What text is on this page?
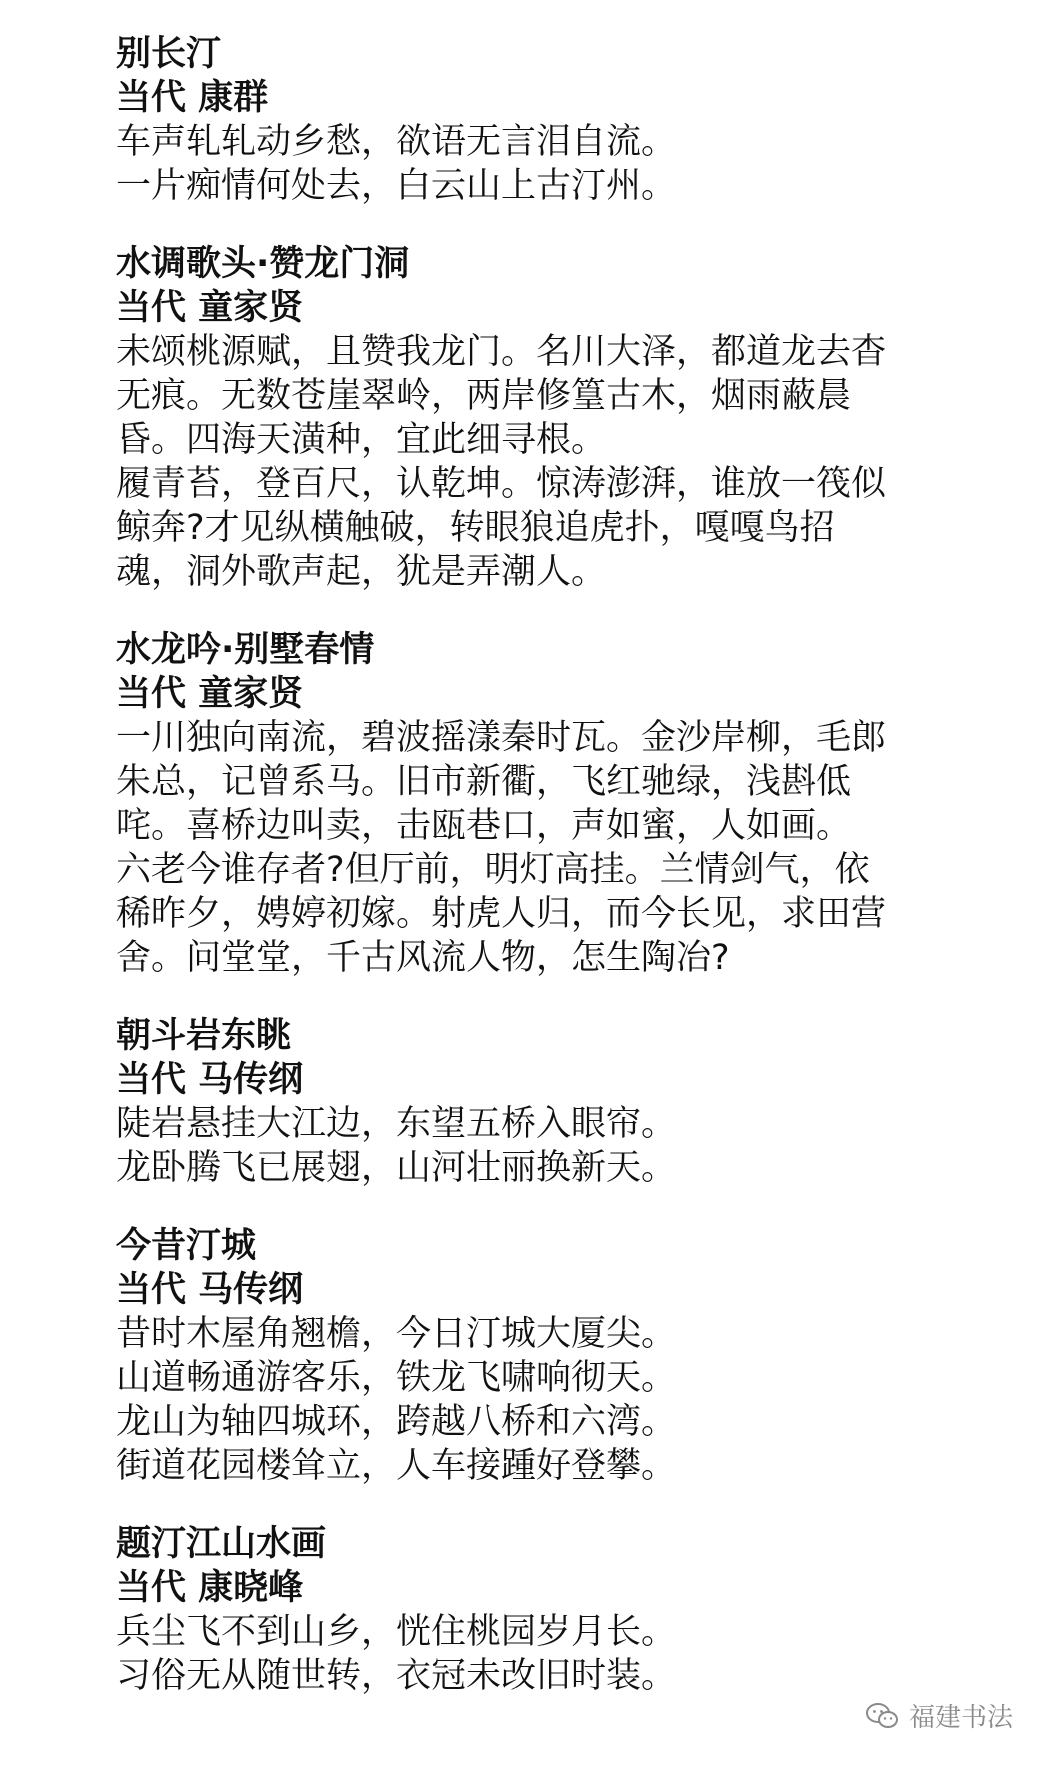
别长汀

当代 康群

车声轧轧动乡愁，欲语无言泪自流。

一片痴情何处去，白云山上古汀州。

水调歌头·赞龙门洞

当代 童家贤

未颂桃源赋，且赞我龙门。名川大泽，都道龙去杳

无痕。无数苍崖翠岭，两岸修篁古木，烟雨蔽晨

昏。四海天潢种，宜此细寻根。

履青苔，登百尺，认乾坤。惊涛澎湃，谁放一筏似

鲸奔?才见纵横触破，转眼狼追虎扑，嘎嘎鸟招

魂，洞外歌声起，犹是弄潮人。

水龙吟·别墅春情

当代 童家贤

一川独向南流，碧波摇漾秦时瓦。金沙岸柳，毛郎

朱总，记曾系马。旧市新衢，飞红驰绿，浅斟低

咤。喜桥边叫卖，击瓯巷口，声如蜜，人如画。

六老今谁存者?但厅前，明灯高挂。兰情剑气，依

稀昨夕，娉婷初嫁。射虎人归，而今长见，求田营

舍。问堂堂，千古风流人物，怎生陶冶?

朝斗岩东眺

当代 马传纲

陡岩悬挂大江边，东望五桥入眼帘。

龙卧腾飞已展翅，山河壮丽换新天。

今昔汀城

当代 马传纲

昔时木屋角翘檐，今日汀城大厦尖。

山道畅通游客乐，铁龙飞啸响彻天。

龙山为轴四城环，跨越八桥和六湾。

街道花园楼耸立，人车接踵好登攀。

题汀江山水画

当代 康晓峰

兵尘飞不到山乡，恍住桃园岁月长。

习俗无从随世转，衣冠未改旧时装。

福建书法
